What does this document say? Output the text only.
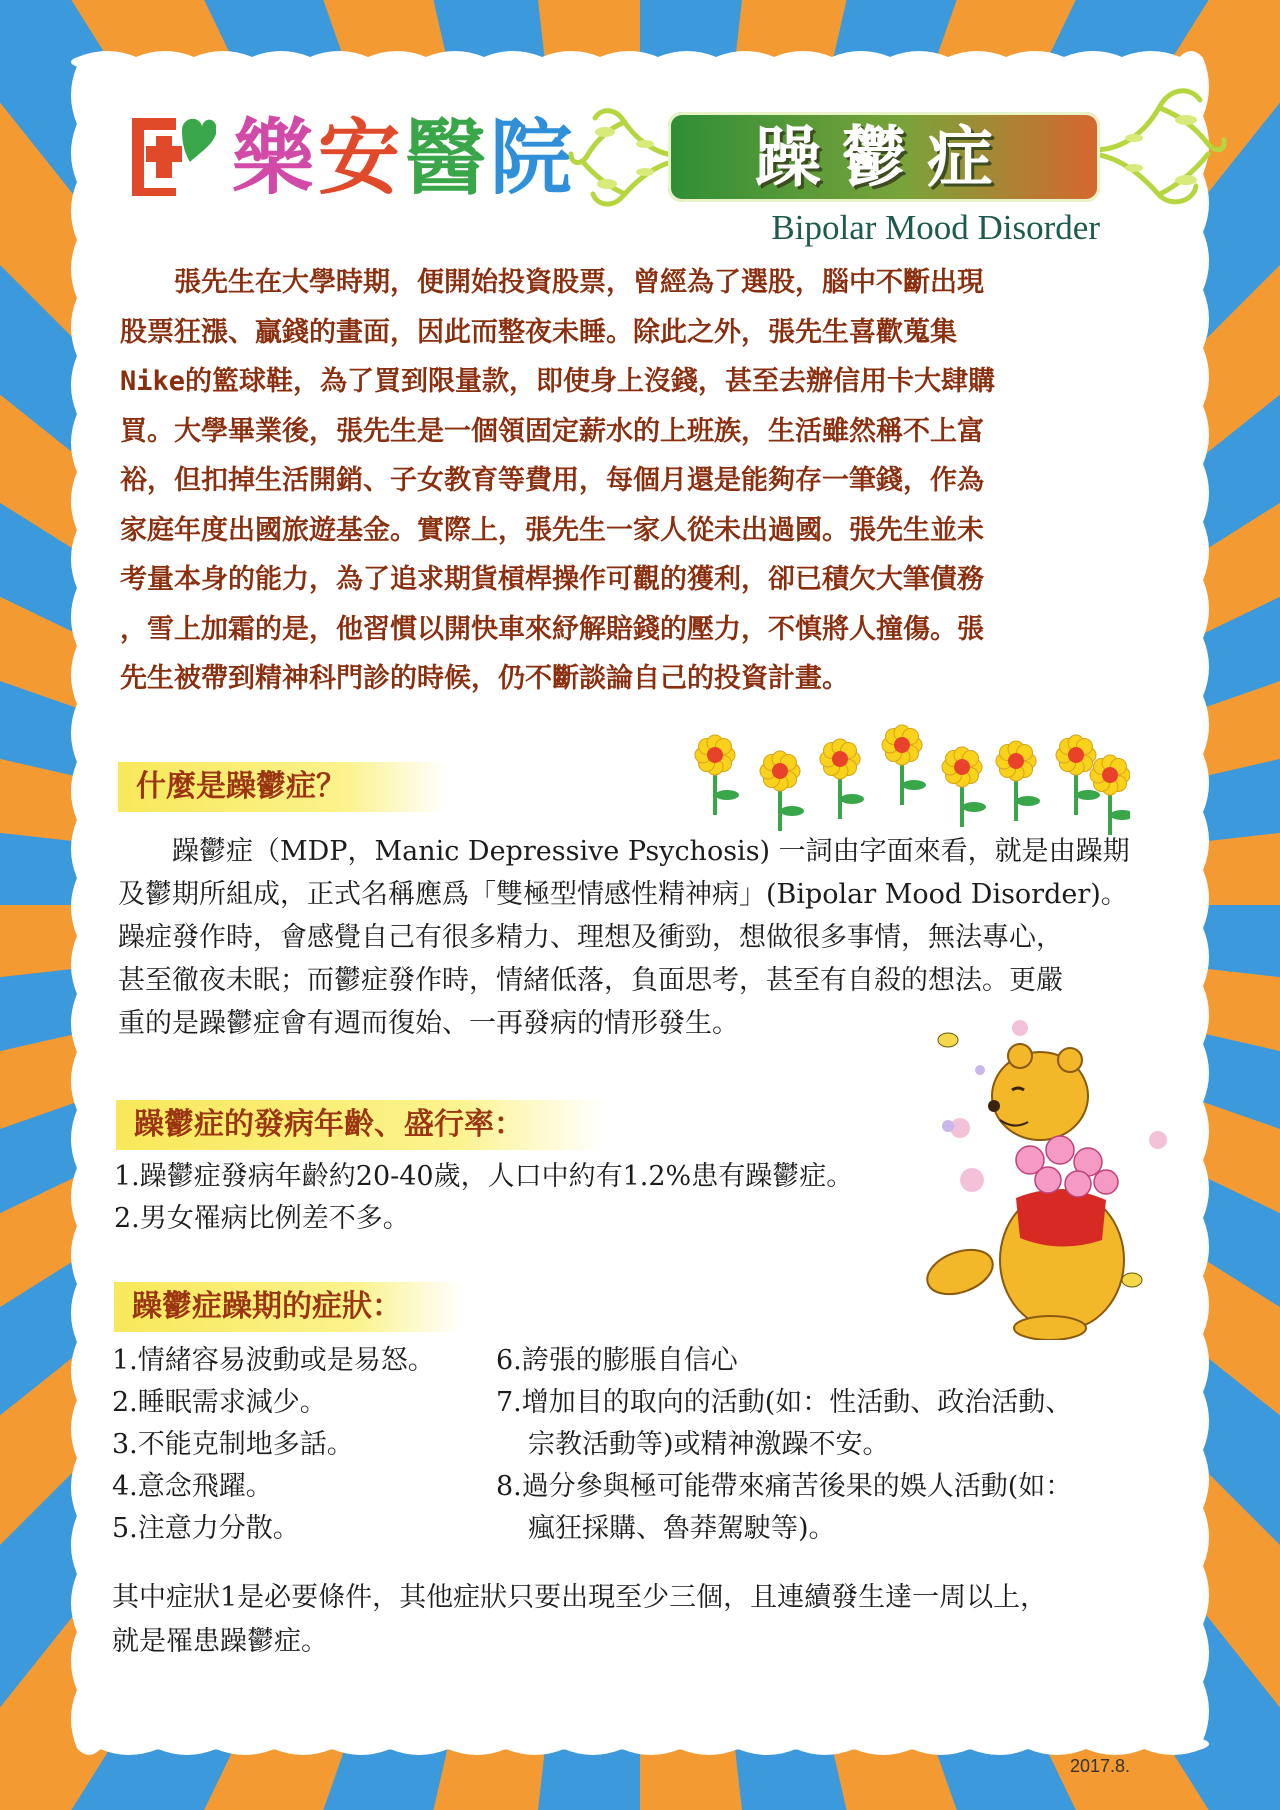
樂安醫院	躁鬱症
Bipolar Mood Disorder
　　張先生在大學時期，便開始投資股票，曾經為了選股，腦中不斷出現
股票狂漲、贏錢的畫面，因此而整夜未睡。除此之外，張先生喜歡蒐集
Nike的籃球鞋，為了買到限量款，即使身上沒錢，甚至去辦信用卡大肆購
買。大學畢業後，張先生是一個領固定薪水的上班族，生活雖然稱不上富
裕，但扣掉生活開銷、子女教育等費用，每個月還是能夠存一筆錢，作為
家庭年度出國旅遊基金。實際上，張先生一家人從未出過國。張先生並未
考量本身的能力，為了追求期貨槓桿操作可觀的獲利，卻已積欠大筆債務
，雪上加霜的是，他習慣以開快車來紓解賠錢的壓力，不慎將人撞傷。張
先生被帶到精神科門診的時候，仍不斷談論自己的投資計畫。
什麼是躁鬱症？

　　躁鬱症（MDP，Manic Depressive Psychosis) 一詞由字面來看，就是由躁期

及鬱期所組成，正式名稱應爲「雙極型情感性精神病」(Bipolar Mood Disorder)。

躁症發作時，會感覺自己有很多精力、理想及衝勁，想做很多事情，無法專心，

甚至徹夜未眠；而鬱症發作時，情緒低落，負面思考，甚至有自殺的想法。更嚴

重的是躁鬱症會有週而復始、一再發病的情形發生。

躁鬱症的發病年齡、盛行率：

1.躁鬱症發病年齡約20-40歲，人口中約有1.2%患有躁鬱症。

2.男女罹病比例差不多。

躁鬱症躁期的症狀：

1.情緒容易波動或是易怒。

2.睡眠需求減少。

3.不能克制地多話。

4.意念飛躍。

5.注意力分散。

6.誇張的膨脹自信心

7.增加目的取向的活動(如：性活動、政治活動、

宗教活動等)或精神激躁不安。

8.過分參與極可能帶來痛苦後果的娛人活動(如：

瘋狂採購、魯莽駕駛等)。

其中症狀1是必要條件，其他症狀只要出現至少三個，且連續發生達一周以上，

就是罹患躁鬱症。

2017.8.
